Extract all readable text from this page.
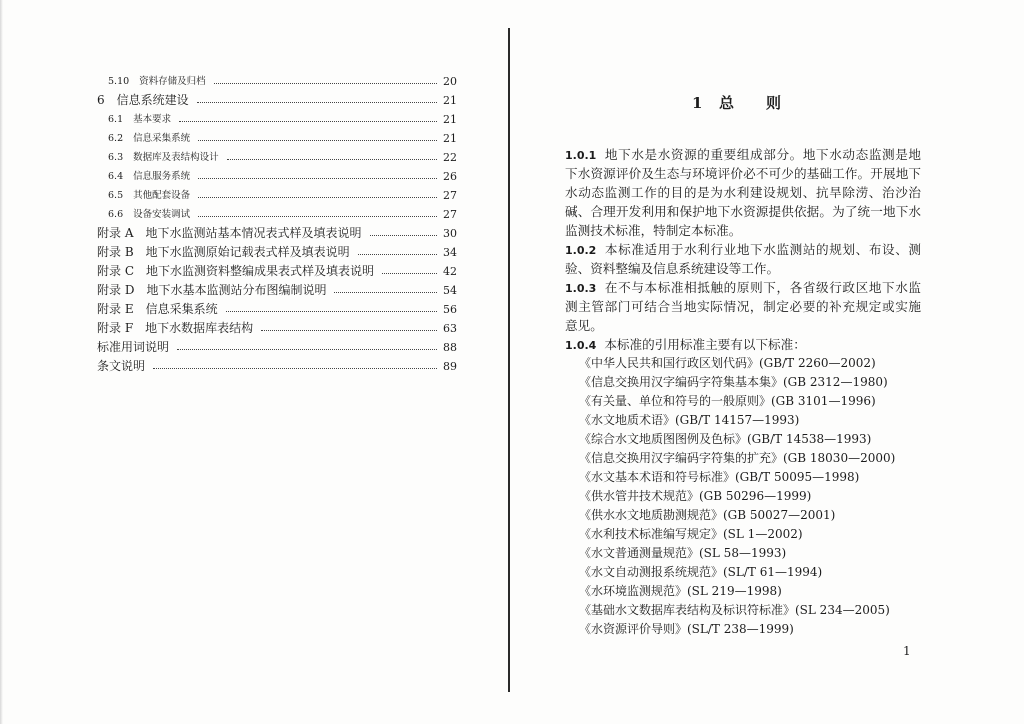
5.10 资料存储及归档	20
6 信息系统建设	21
6.1 基本要求	21
6.2 信息采集系统	21
6.3 数据库及表结构设计	22
6.4 信息服务系统	26
6.5 其他配套设备	27
6.6 设备安装调试	27
附录 A 地下水监测站基本情况表式样及填表说明	30
附录 B 地下水监测原始记载表式样及填表说明	34
附录 C 地下水监测资料整编成果表式样及填表说明	42
附录 D 地下水基本监测站分布图编制说明	54
附录 E 信息采集系统	56
附录 F 地下水数据库表结构	63
标准用词说明	88
条文说明	89
1 总则
1.0.1 地下水是水资源的重要组成部分。地下水动态监测是地
下水资源评价及生态与环境评价必不可少的基础工作。开展地下
水动态监测工作的目的是为水利建设规划、抗旱除涝、治沙治
碱、合理开发利用和保护地下水资源提供依据。为了统一地下水
监测技术标准，特制定本标准。
1.0.2 本标准适用于水利行业地下水监测站的规划、布设、测
验、资料整编及信息系统建设等工作。
1.0.3 在不与本标准相抵触的原则下，各省级行政区地下水监
测主管部门可结合当地实际情况，制定必要的补充规定或实施
意见。
1.0.4 本标准的引用标准主要有以下标准：
《中华人民共和国行政区划代码》(GB/T 2260—2002)
《信息交换用汉字编码字符集基本集》(GB 2312—1980)
《有关量、单位和符号的一般原则》(GB 3101—1996)
《水文地质术语》(GB/T 14157—1993)
《综合水文地质图图例及色标》(GB/T 14538—1993)
《信息交换用汉字编码字符集的扩充》(GB 18030—2000)
《水文基本术语和符号标准》(GB/T 50095—1998)
《供水管井技术规范》(GB 50296—1999)
《供水水文地质勘测规范》(GB 50027—2001)
《水利技术标准编写规定》(SL 1—2002)
《水文普通测量规范》(SL 58—1993)
《水文自动测报系统规范》(SL/T 61—1994)
《水环境监测规范》(SL 219—1998)
《基础水文数据库表结构及标识符标准》(SL 234—2005)
《水资源评价导则》(SL/T 238—1999)
1
